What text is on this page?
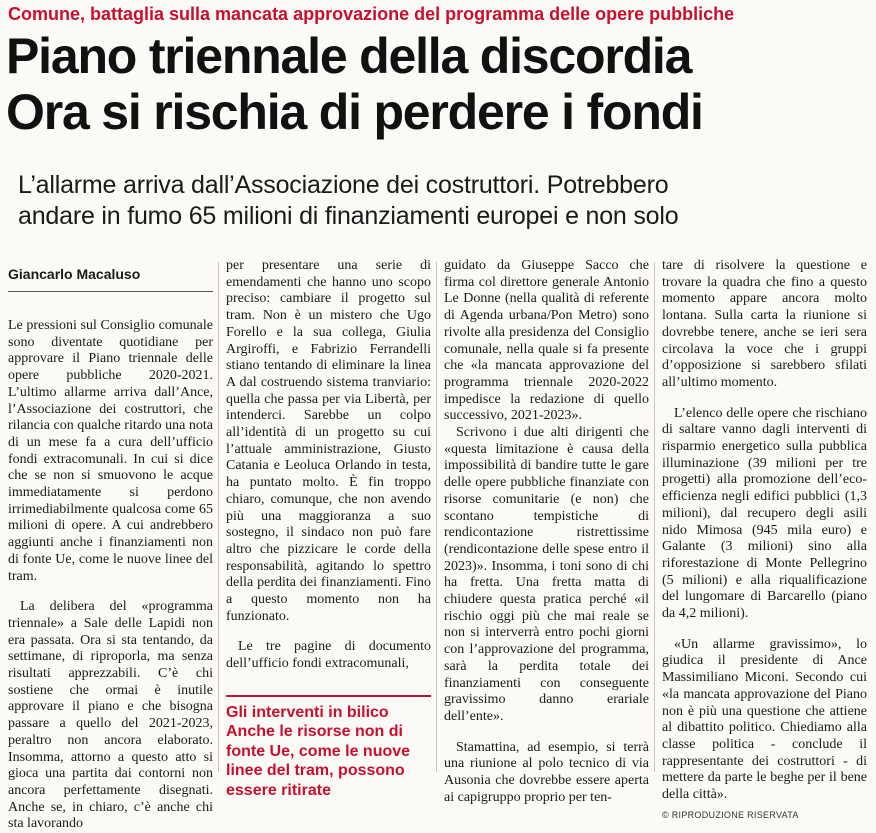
Comune, battaglia sulla mancata approvazione del programma delle opere pubbliche
Piano triennale della discordia
Ora si rischia di perdere i fondi
L’allarme arriva dall’Associazione dei costruttori. Potrebbero
andare in fumo 65 milioni di finanziamenti europei e non solo
Giancarlo Macaluso

Le pressioni sul Consiglio comunale sono diventate quotidiane per approvare il Piano triennale delle opere pubbliche 2020-2021. L’ultimo allarme arriva dall’Ance, l’Associazione dei costruttori, che rilancia con qualche ritardo una nota di un mese fa a cura dell’ufficio fondi extracomunali. In cui si dice che se non si smuovono le acque immediatamente si perdono irrimediabilmente qualcosa come 65 milioni di opere. A cui andrebbero aggiunti anche i finanziamenti non di fonte Ue, come le nuove linee del tram.

La delibera del «programma triennale» a Sale delle Lapidi non era passata. Ora si sta tentando, da settimane, di riproporla, ma senza risultati apprezzabili. C’è chi sostiene che ormai è inutile approvare il piano e che bisogna passare a quello del 2021-2023, peraltro non ancora elaborato. Insomma, attorno a questo atto si gioca una partita dai contorni non ancora perfettamente disegnati. Anche se, in chiaro, c’è anche chi sta lavorando

per presentare una serie di emendamenti che hanno uno scopo preciso: cambiare il progetto sul tram. Non è un mistero che Ugo Forello e la sua collega, Giulia Argiroffi, e Fabrizio Ferrandelli stiano tentando di eliminare la linea A dal costruendo sistema tranviario: quella che passa per via Libertà, per intenderci. Sarebbe un colpo all’identità di un progetto su cui l’attuale amministrazione, Giusto Catania e Leoluca Orlando in testa, ha puntato molto. È fin troppo chiaro, comunque, che non avendo più una maggioranza a suo sostegno, il sindaco non può fare altro che pizzicare le corde della responsabilità, agitando lo spettro della perdita dei finanziamenti. Fino a questo momento non ha funzionato.

Le tre pagine di documento dell’ufficio fondi extracomunali,

Gli interventi in bilico Anche le risorse non di fonte Ue, come le nuove linee del tram, possono essere ritirate

guidato da Giuseppe Sacco che firma col direttore generale Antonio Le Donne (nella qualità di referente di Agenda urbana/Pon Metro) sono rivolte alla presidenza del Consiglio comunale, nella quale si fa presente che «la mancata approvazione del programma triennale 2020-2022 impedisce la redazione di quello successivo, 2021-2023».

Scrivono i due alti dirigenti che «questa limitazione è causa della impossibilità di bandire tutte le gare delle opere pubbliche finanziate con risorse comunitarie (e non) che scontano tempistiche di rendicontazione ristrettissime (rendicontazione delle spese entro il 2023)». Insomma, i toni sono di chi ha fretta. Una fretta matta di chiudere questa pratica perché «il rischio oggi più che mai reale se non si interverrà entro pochi giorni con l’approvazione del programma, sarà la perdita totale dei finanziamenti con conseguente gravissimo danno erariale dell’ente».

Stamattina, ad esempio, si terrà una riunione al polo tecnico di via Ausonia che dovrebbe essere aperta ai capigruppo proprio per ten-

tare di risolvere la questione e trovare la quadra che fino a questo momento appare ancora molto lontana. Sulla carta la riunione si dovrebbe tenere, anche se ieri sera circolava la voce che i gruppi d’opposizione si sarebbero sfilati all’ultimo momento.

L’elenco delle opere che rischiano di saltare vanno dagli interventi di risparmio energetico sulla pubblica illuminazione (39 milioni per tre progetti) alla promozione dell’eco-efficienza negli edifici pubblici (1,3 milioni), dal recupero degli asili nido Mimosa (945 mila euro) e Galante (3 milioni) sino alla riforestazione di Monte Pellegrino (5 milioni) e alla riqualificazione del lungomare di Barcarello (piano da 4,2 milioni).

«Un allarme gravissimo», lo giudica il presidente di Ance Massimiliano Miconi. Secondo cui «la mancata approvazione del Piano non è più una questione che attiene al dibattito politico. Chiediamo alla classe politica - conclude il rappresentante dei costruttori - di mettere da parte le beghe per il bene della città».

© RIPRODUZIONE RISERVATA
